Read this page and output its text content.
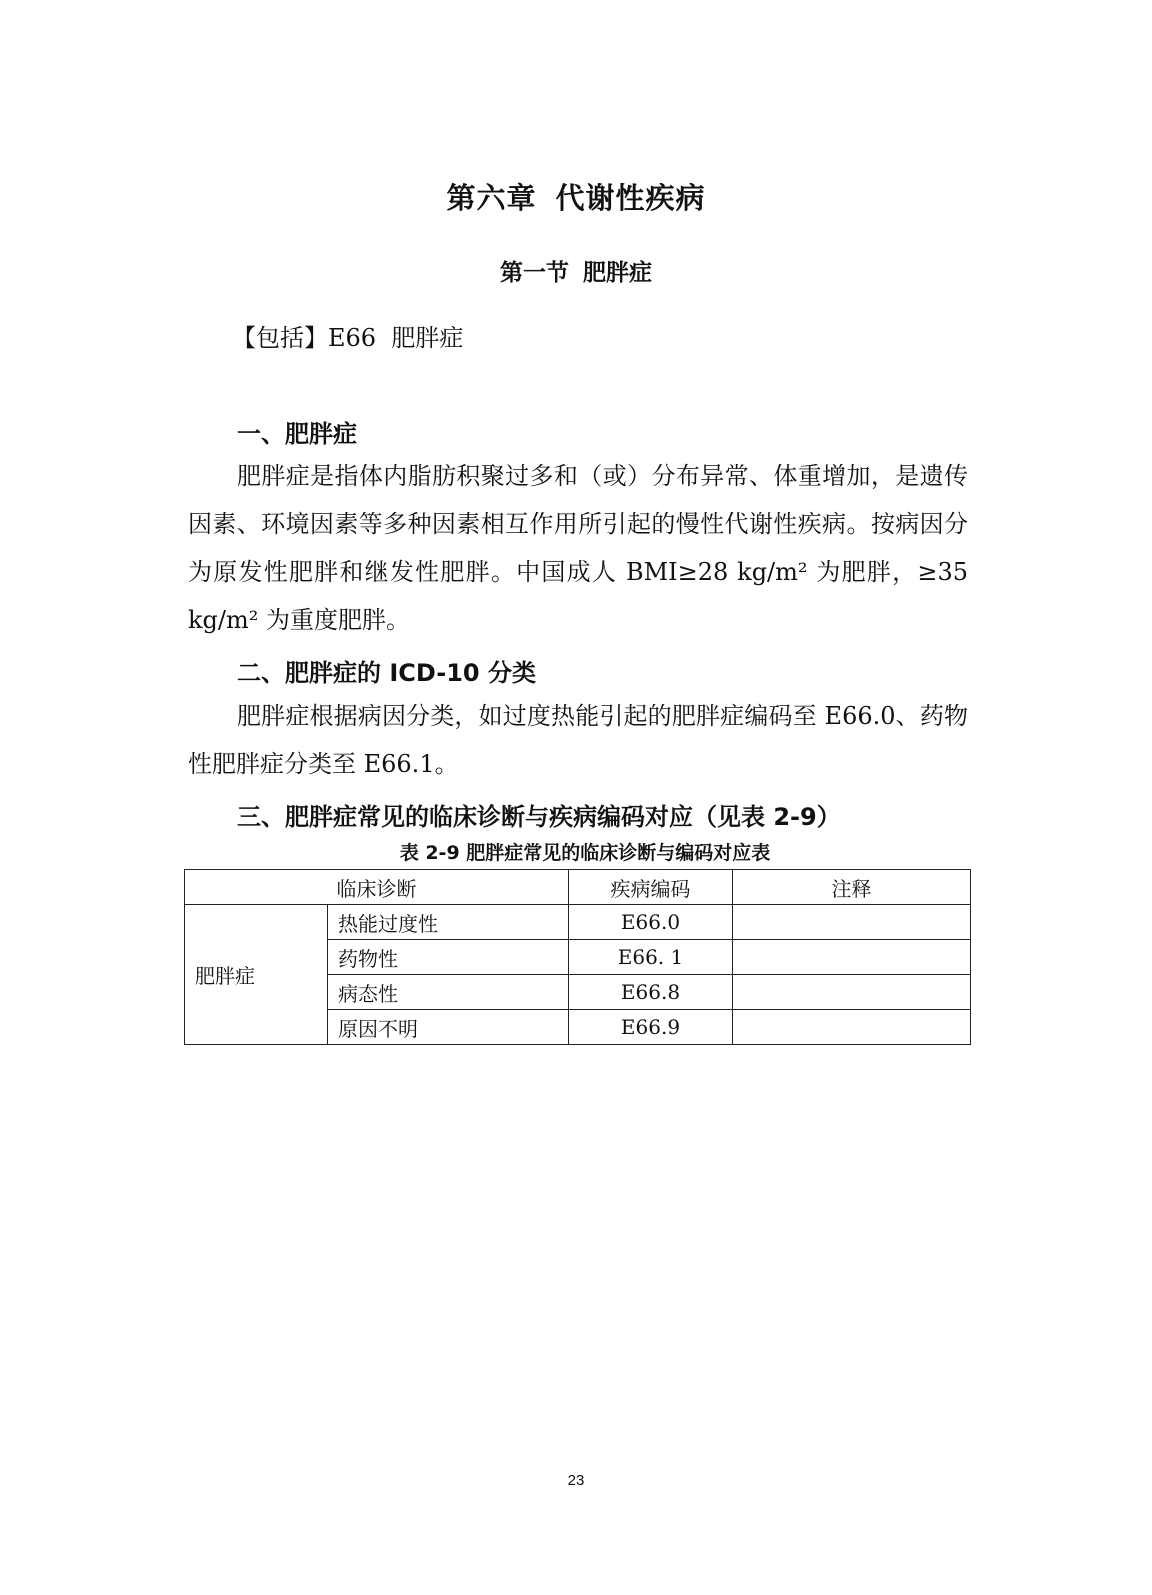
第六章 代谢性疾病
第一节 肥胖症
【包括】E66  肥胖症
一、肥胖症

肥胖症是指体内脂肪积聚过多和（或）分布异常、体重增加，是遗传因素、环境因素等多种因素相互作用所引起的慢性代谢性疾病。按病因分为原发性肥胖和继发性肥胖。中国成人 BMI≥28 kg/m² 为肥胖，≥35 kg/m² 为重度肥胖。

二、肥胖症的 ICD-10 分类

肥胖症根据病因分类，如过度热能引起的肥胖症编码至 E66.0、药物性肥胖症分类至 E66.1。

三、肥胖症常见的临床诊断与疾病编码对应（见表 2-9）
表 2-9 肥胖症常见的临床诊断与编码对应表
临床诊断		疾病编码	注释
肥胖症	热能过度性	E66.0	
	药物性	E66. 1	
	病态性	E66.8	
	原因不明	E66.9	
23
